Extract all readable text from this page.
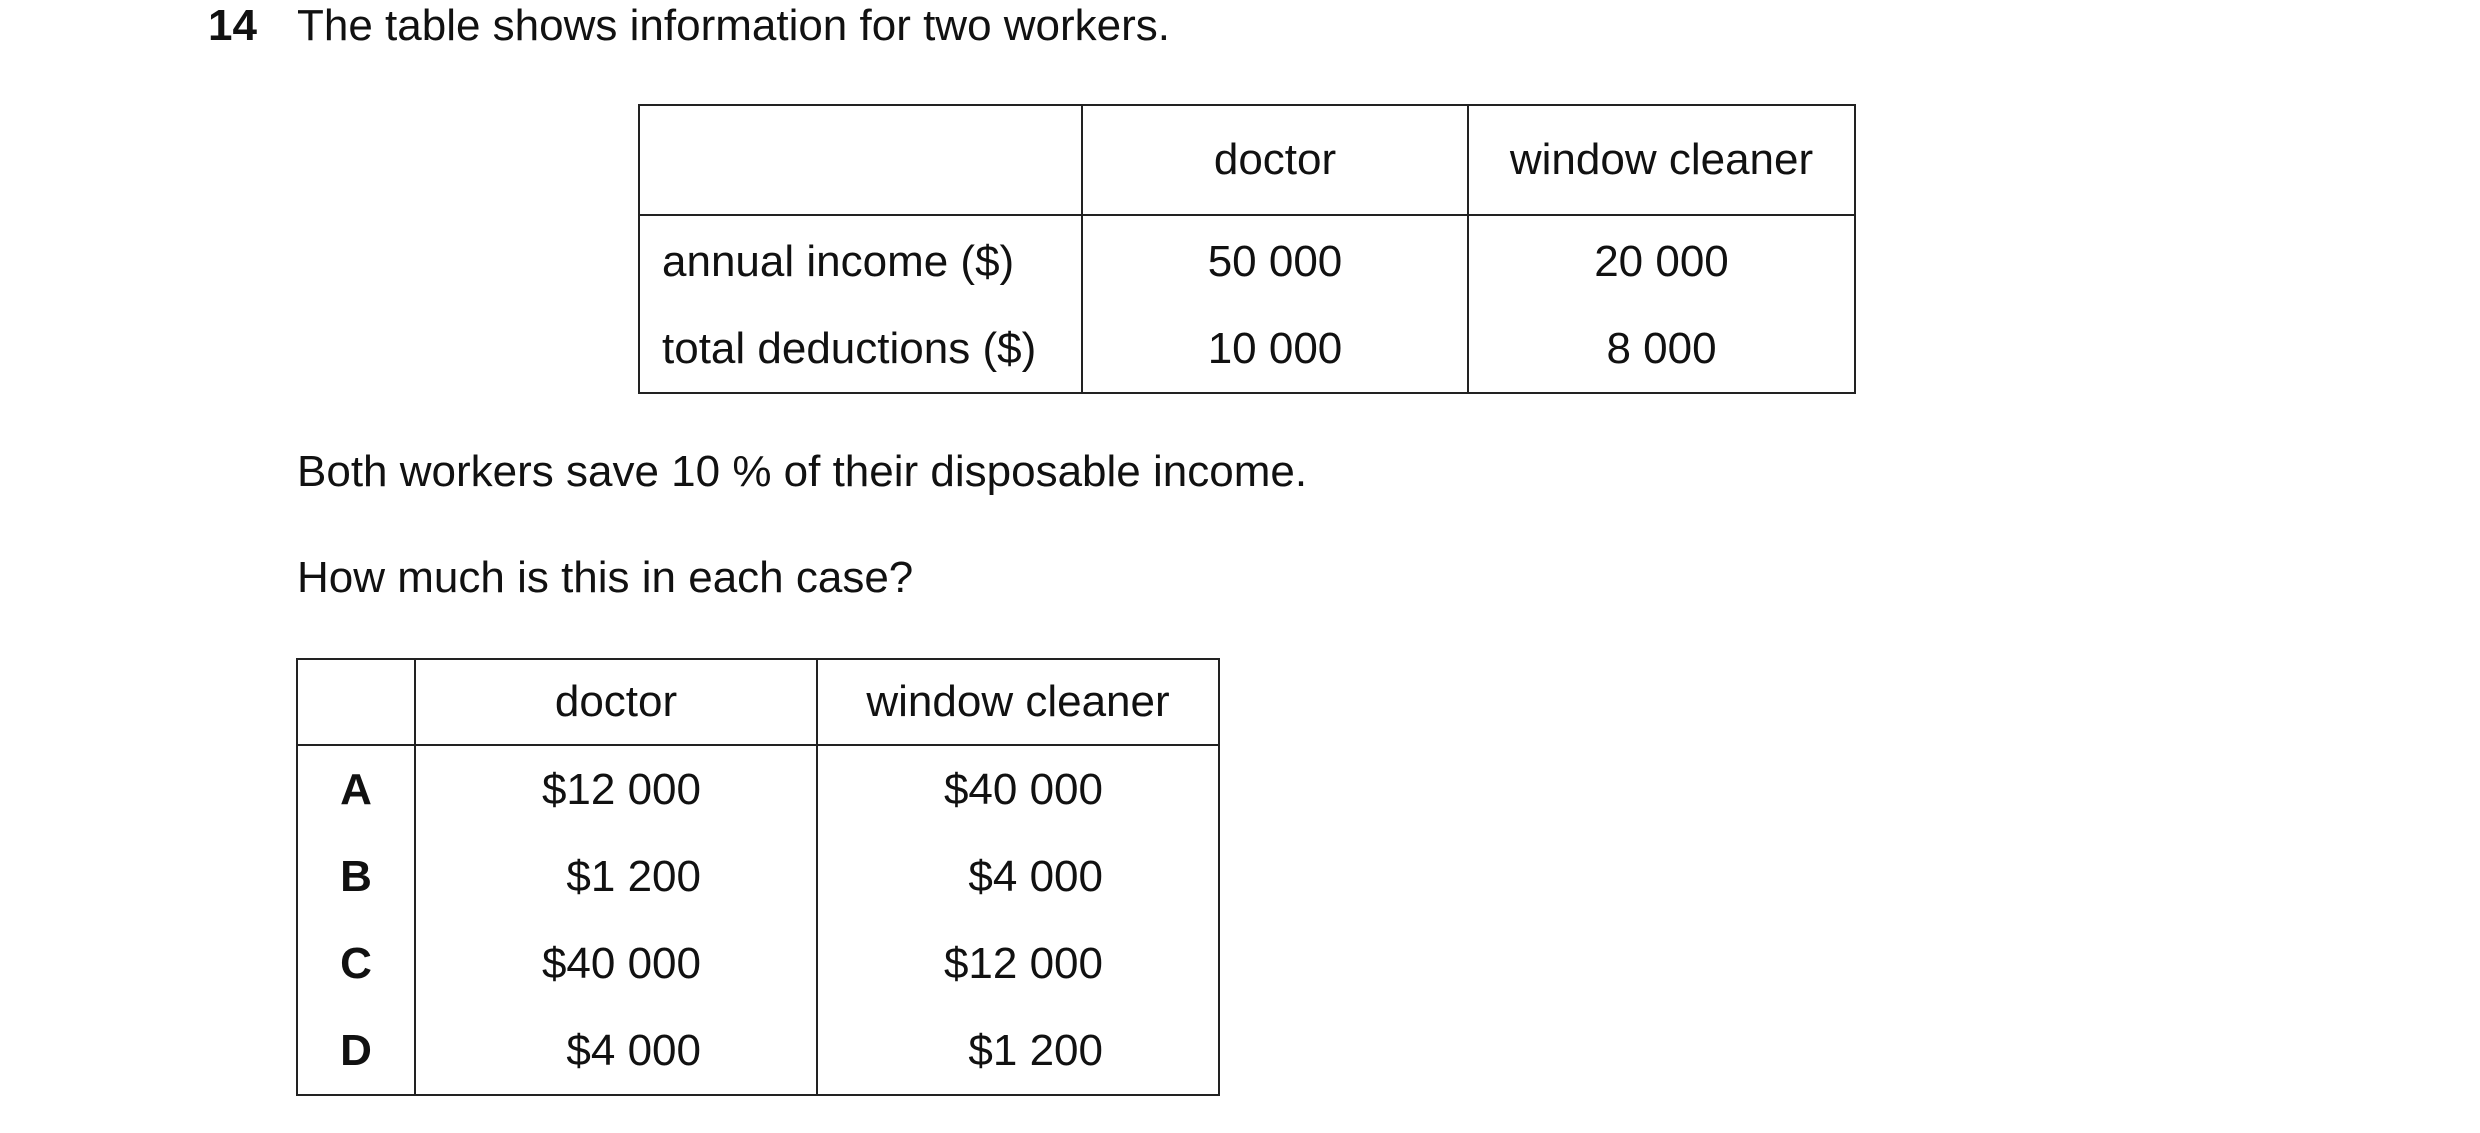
14 The table shows information for two workers.
	doctor	window cleaner
annual income ($)	50 000	20 000
total deductions ($)	10 000	8 000
Both workers save 10 % of their disposable income.
How much is this in each case?
	doctor	window cleaner
A	$12 000	$40 000
B	$1 200	$4 000
C	$40 000	$12 000
D	$4 000	$1 200
